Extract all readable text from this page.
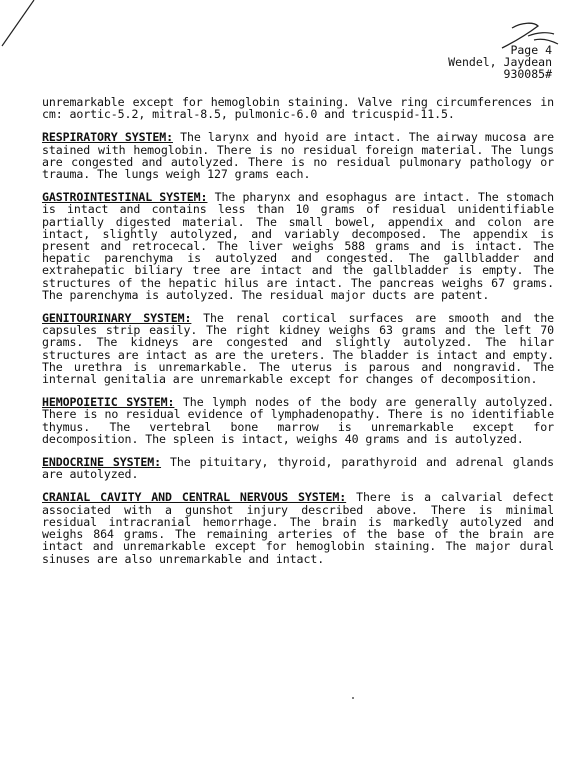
Page 4
Wendel, Jaydean
930085#

unremarkable except for hemoglobin staining. Valve ring circumferences in cm: aortic-5.2, mitral-8.5, pulmonic-6.0 and tricuspid-11.5.

RESPIRATORY SYSTEM: The larynx and hyoid are intact. The airway mucosa are stained with hemoglobin. There is no residual foreign material. The lungs are congested and autolyzed. There is no residual pulmonary pathology or trauma. The lungs weigh 127 grams each.

GASTROINTESTINAL SYSTEM: The pharynx and esophagus are intact. The stomach is intact and contains less than 10 grams of residual unidentifiable partially digested material. The small bowel, appendix and colon are intact, slightly autolyzed, and variably decomposed. The appendix is present and retrocecal. The liver weighs 588 grams and is intact. The hepatic parenchyma is autolyzed and congested. The gallbladder and extrahepatic biliary tree are intact and the gallbladder is empty. The structures of the hepatic hilus are intact. The pancreas weighs 67 grams. The parenchyma is autolyzed. The residual major ducts are patent.

GENITOURINARY SYSTEM: The renal cortical surfaces are smooth and the capsules strip easily. The right kidney weighs 63 grams and the left 70 grams. The kidneys are congested and slightly autolyzed. The hilar structures are intact as are the ureters. The bladder is intact and empty. The urethra is unremarkable. The uterus is parous and nongravid. The internal genitalia are unremarkable except for changes of decomposition.

HEMOPOIETIC SYSTEM: The lymph nodes of the body are generally autolyzed. There is no residual evidence of lymphadenopathy. There is no identifiable thymus. The vertebral bone marrow is unremarkable except for decomposition. The spleen is intact, weighs 40 grams and is autolyzed.

ENDOCRINE SYSTEM: The pituitary, thyroid, parathyroid and adrenal glands are autolyzed.

CRANIAL CAVITY AND CENTRAL NERVOUS SYSTEM: There is a calvarial defect associated with a gunshot injury described above. There is minimal residual intracranial hemorrhage. The brain is markedly autolyzed and weighs 864 grams. The remaining arteries of the base of the brain are intact and unremarkable except for hemoglobin staining. The major dural sinuses are also unremarkable and intact.
